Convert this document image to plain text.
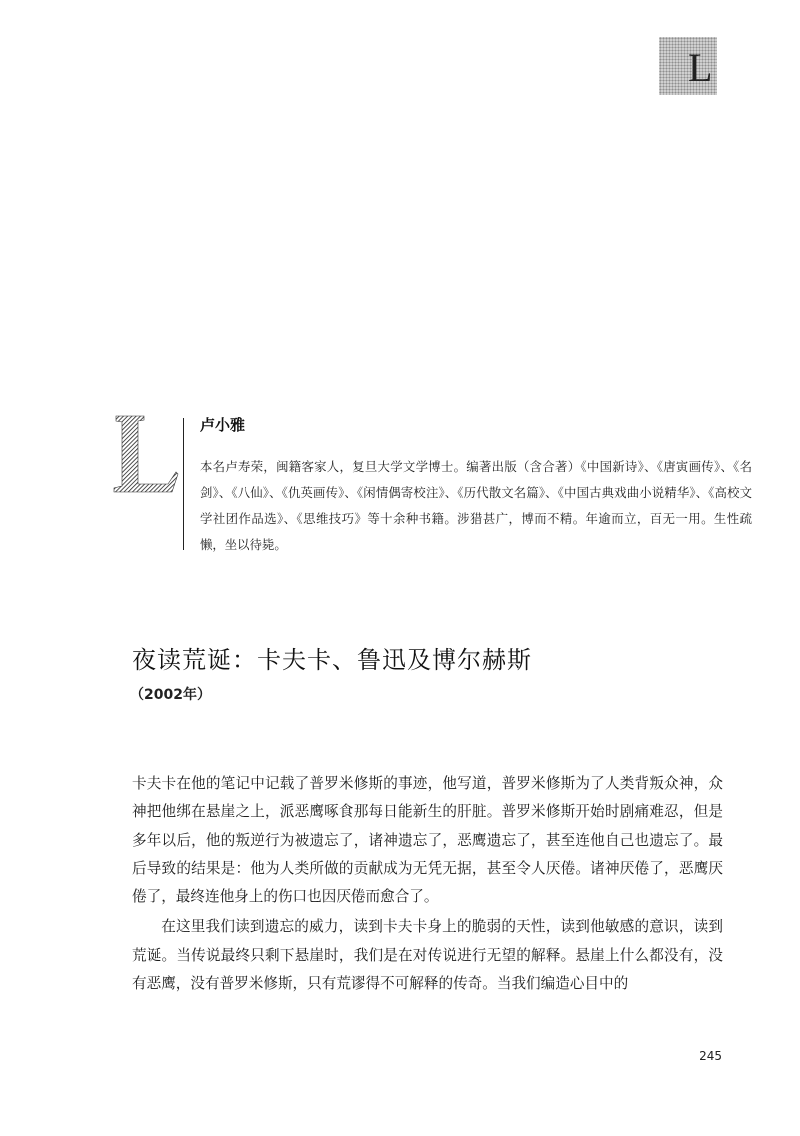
L
卢小雅

本名卢寿荣，闽籍客家人，复旦大学文学博士。编著出版（含合著）《中国新诗》、《唐寅画传》、《名剑》、《八仙》、《仇英画传》、《闲情偶寄校注》、《历代散文名篇》、《中国古典戏曲小说精华》、《高校文学社团作品选》、《思维技巧》等十余种书籍。涉猎甚广，博而不精。年逾而立，百无一用。生性疏懒，坐以待毙。

夜读荒诞：卡夫卡、鲁迅及博尔赫斯
（2002年）

卡夫卡在他的笔记中记载了普罗米修斯的事迹，他写道，普罗米修斯为了人类背叛众神，众神把他绑在悬崖之上，派恶鹰啄食那每日能新生的肝脏。普罗米修斯开始时剧痛难忍，但是多年以后，他的叛逆行为被遗忘了，诸神遗忘了，恶鹰遗忘了，甚至连他自己也遗忘了。最后导致的结果是：他为人类所做的贡献成为无凭无据，甚至令人厌倦。诸神厌倦了，恶鹰厌倦了，最终连他身上的伤口也因厌倦而愈合了。

在这里我们读到遗忘的威力，读到卡夫卡身上的脆弱的天性，读到他敏感的意识，读到荒诞。当传说最终只剩下悬崖时，我们是在对传说进行无望的解释。悬崖上什么都没有，没有恶鹰，没有普罗米修斯，只有荒谬得不可解释的传奇。当我们编造心目中的

245
